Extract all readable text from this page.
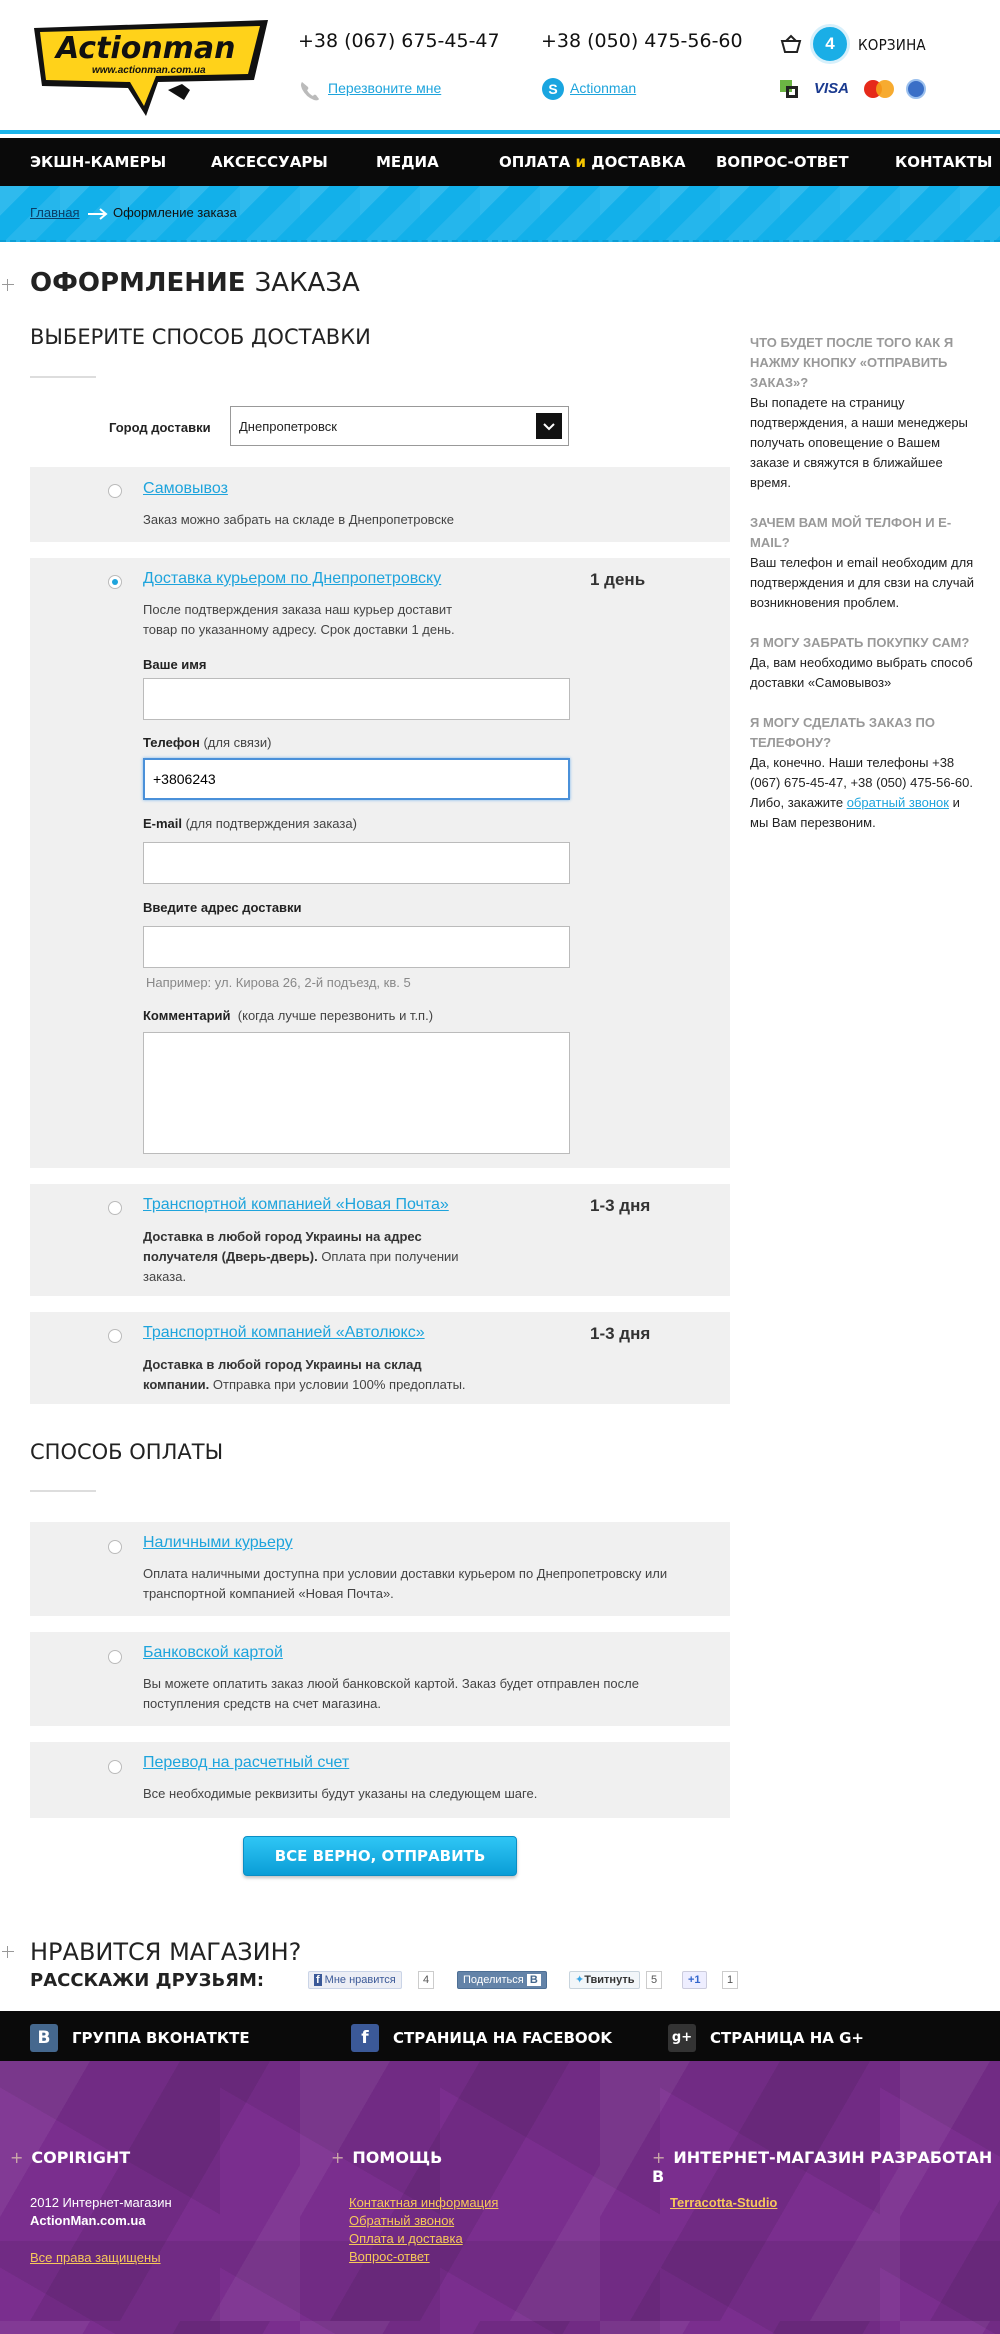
Actionman
www.actionman.com.ua
+38 (067) 675-45-47 +38 (050) 475-56-60
Перезвоните мне	S Actionman
4	КОРЗИНА
VISA
ЭКШН-КАМЕРЫ	АКСЕССУАРЫ	МЕДИА	ОПЛАТА и ДОСТАВКА ВОПРОС-ОТВЕТ	КОНТАКТЫ
Главная	Оформление заказа
ОФОРМЛЕНИЕ ЗАКАЗА
ВЫБЕРИТЕ СПОСОБ ДОСТАВКИ
Город доставки Днепропетровск
Самовывоз
Заказ можно забрать на складе в Днепропетровске
Доставка курьером по Днепропетровску	1 день
После подтверждения заказа наш курьер доставит
товар по указанному адресу. Срок доставки 1 день.
Ваше имя
Телефон (для связи)
+3806243
E-mail (для подтверждения заказа)
Введите адрес доставки
Например: ул. Кирова 26, 2-й подъезд, кв. 5
Комментарий (когда лучше перезвонить и т.п.)
Транспортной компанией «Новая Почта»	1-3 дня
Доставка в любой город Украины на адрес
получателя (Дверь-дверь). Оплата при получении
заказа.
Транспортной компанией «Автолюкс»	1-3 дня
Доставка в любой город Украины на склад
компании. Отправка при условии 100% предоплаты.
СПОСОБ ОПЛАТЫ
Наличными курьеру
Оплата наличными доступна при условии доставки курьером по Днепропетровску или
транспортной компанией «Новая Почта».
Банковской картой
Вы можете оплатить заказ люой банковской картой. Заказ будет отправлен после
поступления средств на счет магазина.
Перевод на расчетный счет
Все необходимые реквизиты будут указаны на следующем шаге.
ВСЕ ВЕРНО, ОТПРАВИТЬ ЗАКАЗ
ЧТО БУДЕТ ПОСЛЕ ТОГО КАК Я НАЖМУ КНОПКУ «ОТПРАВИТЬ ЗАКАЗ»?
Вы попадете на страницу подтверждения, а наши менеджеры получать оповещение о Вашем заказе и свяжутся в ближайшее время.
ЗАЧЕМ ВАМ МОЙ ТЕЛФОН И E-MAIL?
Ваш телефон и email необходим для подтверждения и для свзи на случай возникновения проблем.
Я МОГУ ЗАБРАТЬ ПОКУПКУ САМ?
Да, вам необходимо выбрать способ доставки «Самовывоз»
Я МОГУ СДЕЛАТЬ ЗАКАЗ ПО ТЕЛЕФОНУ?
Да, конечно. Наши телефоны +38 (067) 675-45-47, +38 (050) 475-56-60. Либо, закажите обратный звонок и мы Вам перезвоним.
НРАВИТСЯ МАГАЗИН?
РАССКАЖИ ДРУЗЬЯМ:	f Мне нравится	4	Поделиться B	✦Твитнуть	5	+1	1
B	ГРУППА ВКОНАТКТЕ	f	СТРАНИЦА НА FACEBOOK	g+ СТРАНИЦА НА G+
+ COPIRIGHT
2012 Интернет-магазин
ActionMan.com.ua
Все права защищены
+ ПОМОЩЬ
Контактная информация
Обратный звонок
Оплата и доставка
Вопрос-ответ
+ ИНТЕРНЕТ-МАГАЗИН РАЗРАБОТАН В
Terracotta-Studio
